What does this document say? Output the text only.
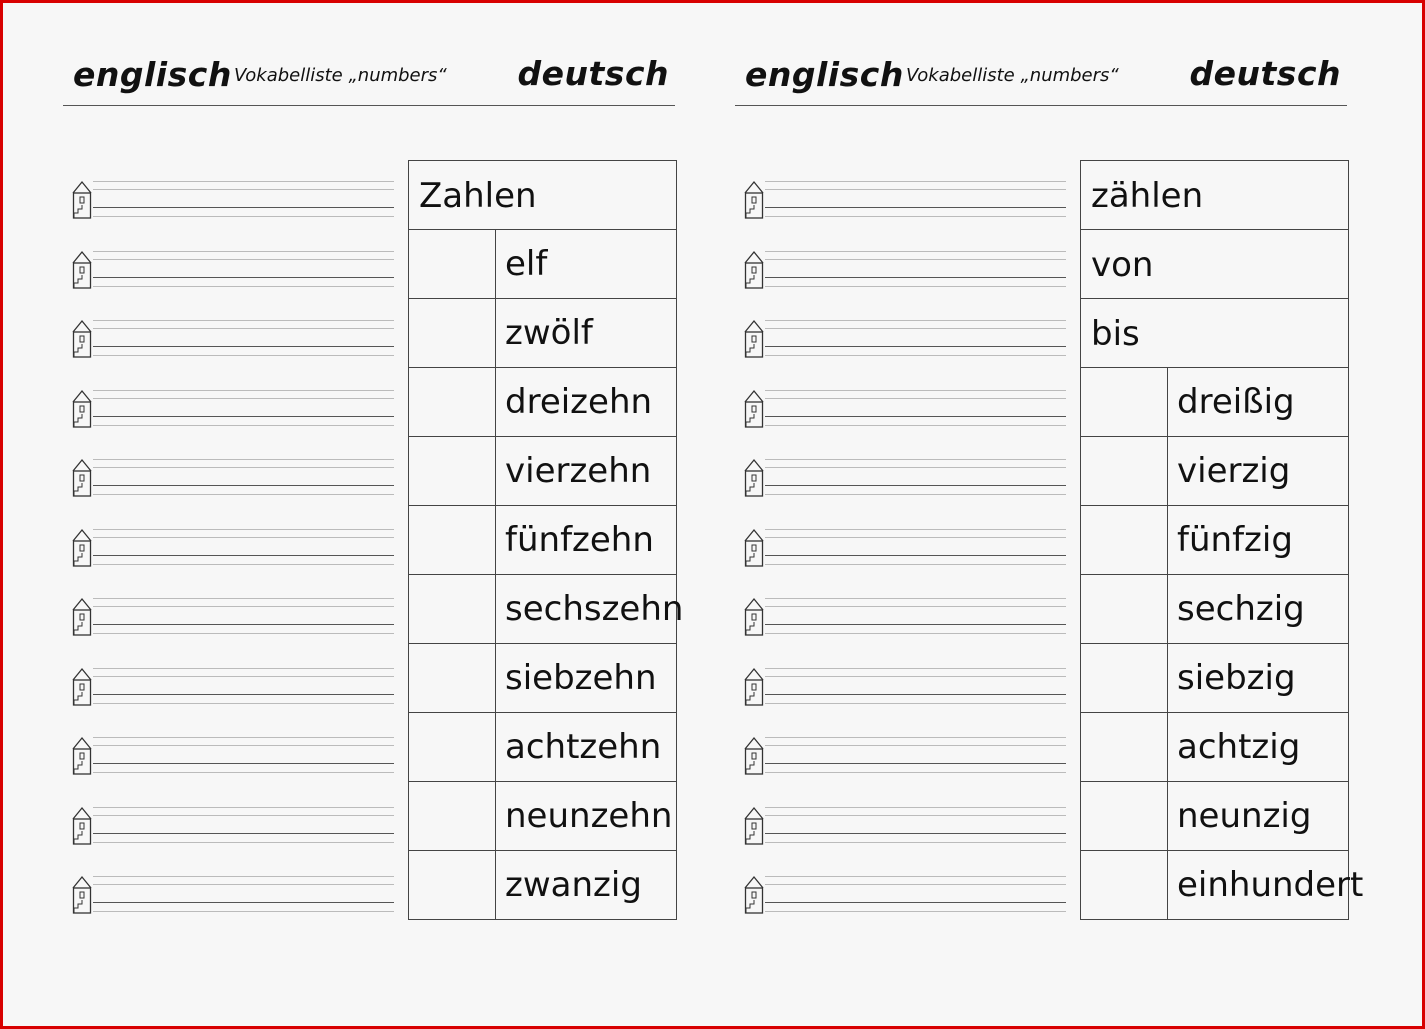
englisch Vokabelliste „numbers“ deutsch
Zahlen
elf
zwölf
dreizehn
vierzehn
fünfzehn
sechszehn
siebzehn
achtzehn
neunzehn
zwanzig
englisch Vokabelliste „numbers“ deutsch
zählen
von
bis
dreißig
vierzig
fünfzig
sechzig
siebzig
achtzig
neunzig
einhundert
